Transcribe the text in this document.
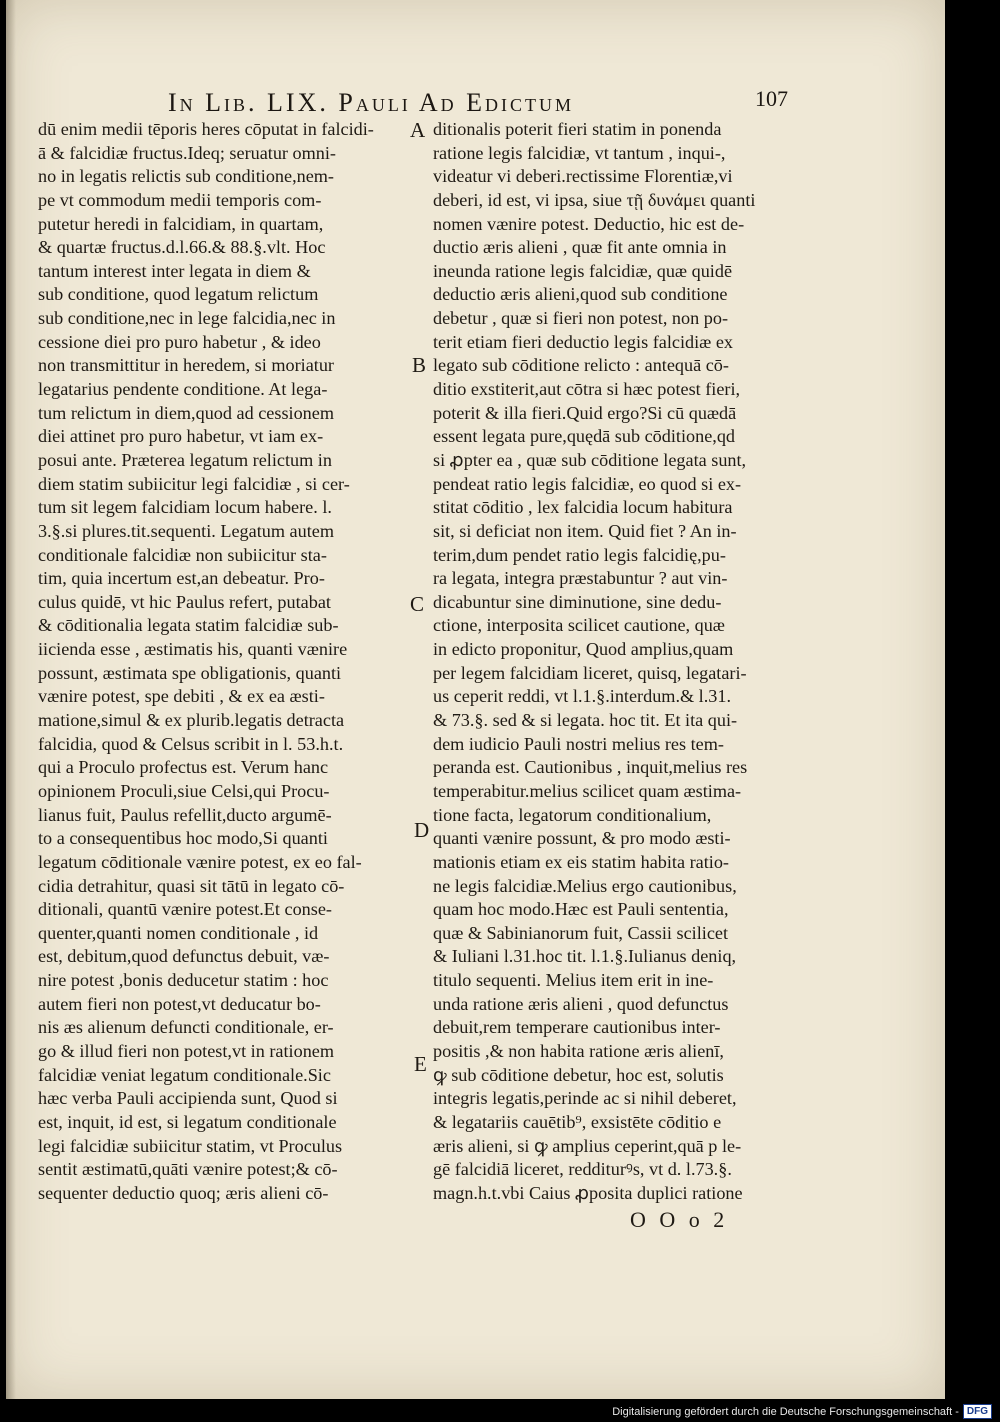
In Lib. LIX. Pauli Ad Edictum	107
dū enim medii tēporis heres cōputat in falcidi-
ā & falcidiæ fructus.Ideq; seruatur omni-
no in legatis relictis sub conditione,nem-
pe vt commodum medii temporis com-
putetur heredi in falcidiam, in quartam,
& quartæ fructus.d.l.66.& 88.§.vlt. Hoc
tantum interest inter legata in diem &
sub conditione, quod legatum relictum
sub conditione,nec in lege falcidia,nec in
cessione diei pro puro habetur , & ideo
non transmittitur in heredem, si moriatur
legatarius pendente conditione. At lega-
tum relictum in diem,quod ad cessionem
diei attinet pro puro habetur, vt iam ex-
posui ante. Præterea legatum relictum in
diem statim subiicitur legi falcidiæ , si cer-
tum sit legem falcidiam locum habere. l.
3.§.si plures.tit.sequenti. Legatum autem
conditionale falcidiæ non subiicitur sta-
tim, quia incertum est,an debeatur. Pro-
culus quidē, vt hic Paulus refert, putabat
& cōditionalia legata statim falcidiæ sub-
iicienda esse , æstimatis his, quanti vænire
possunt, æstimata spe obligationis, quanti
vænire potest, spe debiti , & ex ea æsti-
matione,simul & ex plurib.legatis detracta
falcidia, quod & Celsus scribit in l. 53.h.t.
qui a Proculo profectus est. Verum hanc
opinionem Proculi,siue Celsi,qui Procu-
lianus fuit, Paulus refellit,ducto argumē-
to a consequentibus hoc modo,Si quanti
legatum cōditionale vænire potest, ex eo fal-
cidia detrahitur, quasi sit tātū in legato cō-
ditionali, quantū vænire potest.Et conse-
quenter,quanti nomen conditionale , id
est, debitum,quod defunctus debuit, væ-
nire potest ,bonis deducetur statim : hoc
autem fieri non potest,vt deducatur bo-
nis æs alienum defuncti conditionale, er-
go & illud fieri non potest,vt in rationem
falcidiæ veniat legatum conditionale.Sic
hæc verba Pauli accipienda sunt, Quod si
est, inquit, id est, si legatum conditionale
legi falcidiæ subiicitur statim, vt Proculus
sentit æstimatū,quāti vænire potest;& cō-
sequenter deductio quoq; æris alieni cō-
ditionalis poterit fieri statim in ponenda
ratione legis falcidiæ, vt tantum , inqui-,
videatur vi deberi.rectissime Florentiæ,vi
deberi, id est, vi ipsa, siue τῇ δυνάμει quanti
nomen vænire potest. Deductio, hic est de-
ductio æris alieni , quæ fit ante omnia in
ineunda ratione legis falcidiæ, quæ quidē
deductio æris alieni,quod sub conditione
debetur , quæ si fieri non potest, non po-
terit etiam fieri deductio legis falcidiæ ex
legato sub cōditione relicto : antequā cō-
ditio exstiterit,aut cōtra si hæc potest fieri,
poterit & illa fieri.Quid ergo?Si cū quædā
essent legata pure,quędā sub cōditione,qd
si ꝓpter ea , quæ sub cōditione legata sunt,
pendeat ratio legis falcidiæ, eo quod si ex-
stitat cōditio , lex falcidia locum habitura
sit, si deficiat non item. Quid fiet ? An in-
terim,dum pendet ratio legis falcidię,pu-
ra legata, integra præstabuntur ? aut vin-
dicabuntur sine diminutione, sine dedu-
ctione, interposita scilicet cautione, quæ
in edicto proponitur, Quod amplius,quam
per legem falcidiam liceret, quisq, legatari-
us ceperit reddi, vt l.1.§.interdum.& l.31.
& 73.§. sed & si legata. hoc tit. Et ita qui-
dem iudicio Pauli nostri melius res tem-
peranda est. Cautionibus , inquit,melius res
temperabitur.melius scilicet quam æstima-
tione facta, legatorum conditionalium,
quanti vænire possunt, & pro modo æsti-
mationis etiam ex eis statim habita ratio-
ne legis falcidiæ.Melius ergo cautionibus,
quam hoc modo.Hæc est Pauli sententia,
quæ & Sabinianorum fuit, Cassii scilicet
& Iuliani l.31.hoc tit. l.1.§.Iulianus deniq,
titulo sequenti. Melius item erit in ine-
unda ratione æris alieni , quod defunctus
debuit,rem temperare cautionibus inter-
positis ,& non habita ratione æris alienī,
ꝙ sub cōditione debetur, hoc est, solutis
integris legatis,perinde ac si nihil deberet,
& legatariis cauētib⁹, exsistēte cōditio e
æris alieni, si ꝙ amplius ceperint,quā p le-
gē falcidiā liceret, redditurꝰs, vt d. l.73.§.
magn.h.t.vbi Caius ꝓposita duplici ratione
A
B
C
D
E
O O o 2
Digitalisierung gefördert durch die Deutsche Forschungsgemeinschaft - DFG
